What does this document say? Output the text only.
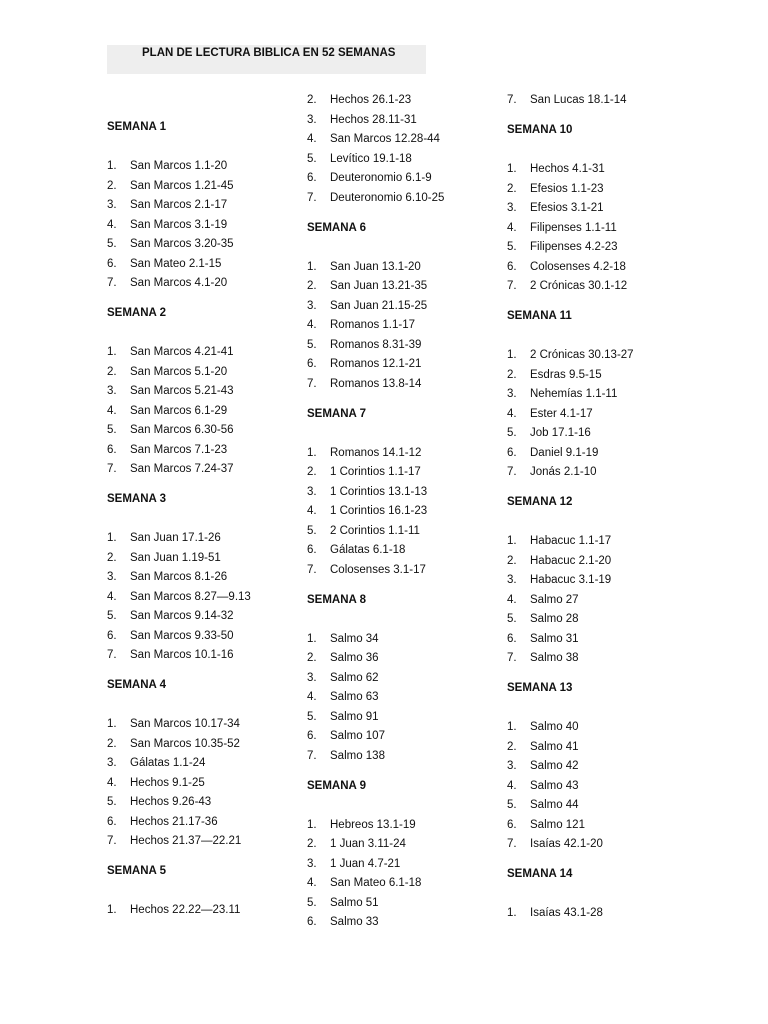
PLAN DE LECTURA BIBLICA EN 52 SEMANAS
SEMANA 1
1. San Marcos 1.1-20
2. San Marcos 1.21-45
3. San Marcos 2.1-17
4. San Marcos 3.1-19
5. San Marcos 3.20-35
6. San Mateo 2.1-15
7. San Marcos 4.1-20
SEMANA 2
1. San Marcos 4.21-41
2. San Marcos 5.1-20
3. San Marcos 5.21-43
4. San Marcos 6.1-29
5. San Marcos 6.30-56
6. San Marcos 7.1-23
7. San Marcos 7.24-37
SEMANA 3
1. San Juan 17.1-26
2. San Juan 1.19-51
3. San Marcos 8.1-26
4. San Marcos 8.27—9.13
5. San Marcos 9.14-32
6. San Marcos 9.33-50
7. San Marcos 10.1-16
SEMANA 4
1. San Marcos 10.17-34
2. San Marcos 10.35-52
3. Gálatas 1.1-24
4. Hechos 9.1-25
5. Hechos 9.26-43
6. Hechos 21.17-36
7. Hechos 21.37—22.21
SEMANA 5
1. Hechos 22.22—23.11
2. Hechos 26.1-23
3. Hechos 28.11-31
4. San Marcos 12.28-44
5. Levítico 19.1-18
6. Deuteronomio 6.1-9
7. Deuteronomio 6.10-25
SEMANA 6
1. San Juan 13.1-20
2. San Juan 13.21-35
3. San Juan 21.15-25
4. Romanos 1.1-17
5. Romanos 8.31-39
6. Romanos 12.1-21
7. Romanos 13.8-14
SEMANA 7
1. Romanos 14.1-12
2. 1 Corintios 1.1-17
3. 1 Corintios 13.1-13
4. 1 Corintios 16.1-23
5. 2 Corintios 1.1-11
6. Gálatas 6.1-18
7. Colosenses 3.1-17
SEMANA 8
1. Salmo 34
2. Salmo 36
3. Salmo 62
4. Salmo 63
5. Salmo 91
6. Salmo 107
7. Salmo 138
SEMANA 9
1. Hebreos 13.1-19
2. 1 Juan 3.11-24
3. 1 Juan 4.7-21
4. San Mateo 6.1-18
5. Salmo 51
6. Salmo 33
7. San Lucas 18.1-14
SEMANA 10
1. Hechos 4.1-31
2. Efesios 1.1-23
3. Efesios 3.1-21
4. Filipenses 1.1-11
5. Filipenses 4.2-23
6. Colosenses 4.2-18
7. 2 Crónicas 30.1-12
SEMANA 11
1. 2 Crónicas 30.13-27
2. Esdras 9.5-15
3. Nehemías 1.1-11
4. Ester 4.1-17
5. Job 17.1-16
6. Daniel 9.1-19
7. Jonás 2.1-10
SEMANA 12
1. Habacuc 1.1-17
2. Habacuc 2.1-20
3. Habacuc 3.1-19
4. Salmo 27
5. Salmo 28
6. Salmo 31
7. Salmo 38
SEMANA 13
1. Salmo 40
2. Salmo 41
3. Salmo 42
4. Salmo 43
5. Salmo 44
6. Salmo 121
7. Isaías 42.1-20
SEMANA 14
1. Isaías 43.1-28
